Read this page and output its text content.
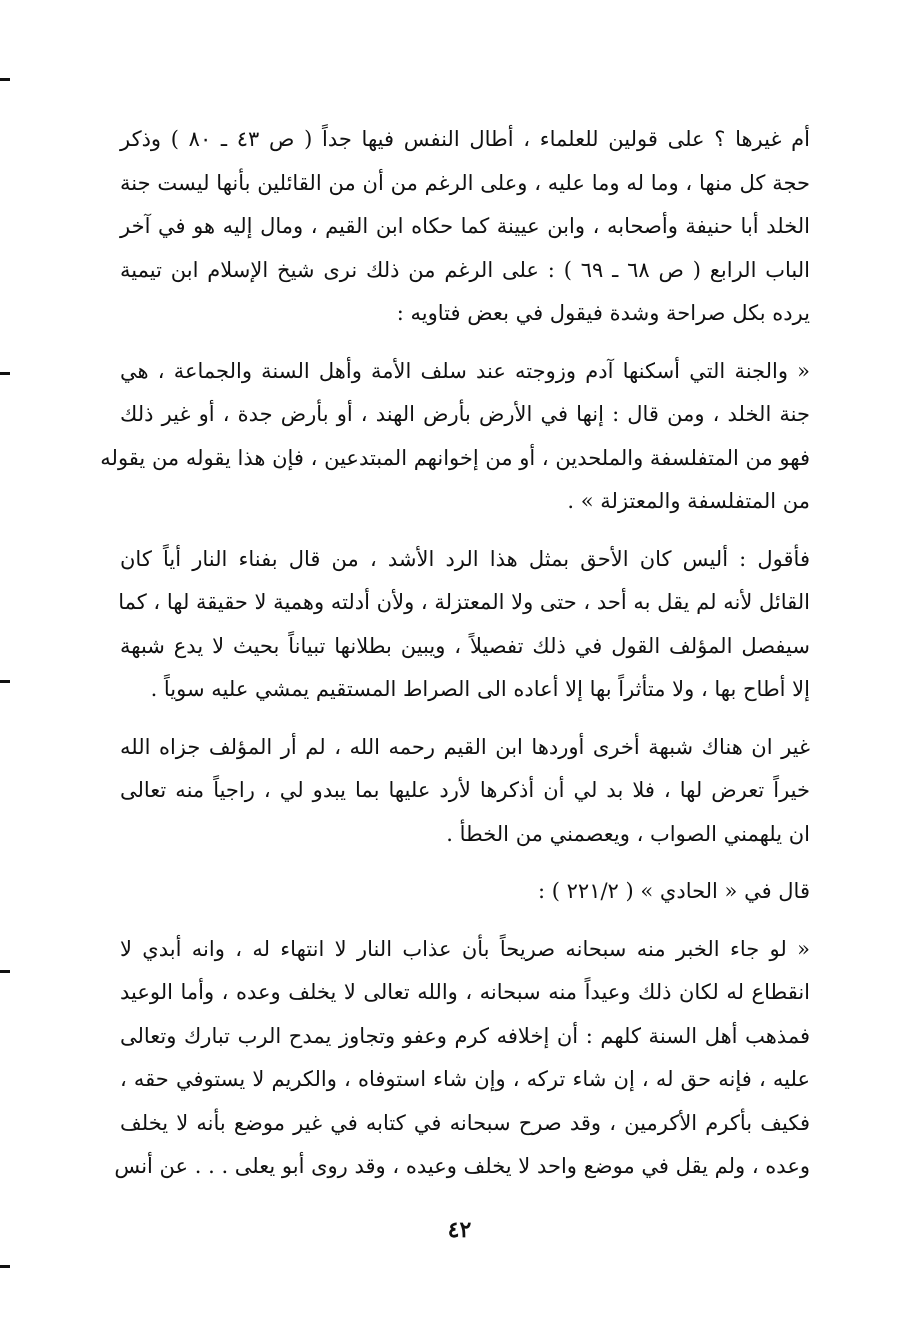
أم غيرها ؟ على قولين للعلماء ، أطال النفس فيها جداً ( ص ٤٣ ـ ٨٠ ) وذكر
حجة كل منها ، وما له وما عليه ، وعلى الرغم من أن من القائلين بأنها ليست جنة
الخلد أبا حنيفة وأصحابه ، وابن عيينة كما حكاه ابن القيم ، ومال إليه هو في آخر
الباب الرابع ( ص ٦٨ ـ ٦٩ ) : على الرغم من ذلك نرى شيخ الإسلام ابن تيمية
يرده بكل صراحة وشدة فيقول في بعض فتاويه :

« والجنة التي أسكنها آدم وزوجته عند سلف الأمة وأهل السنة والجماعة ، هي
جنة الخلد ، ومن قال : إنها في الأرض بأرض الهند ، أو بأرض جدة ، أو غير ذلك
فهو من المتفلسفة والملحدين ، أو من إخوانهم المبتدعين ، فإن هذا يقوله من يقوله
من المتفلسفة والمعتزلة » .

فأقول : أليس كان الأحق بمثل هذا الرد الأشد ، من قال بفناء النار أياً كان
القائل لأنه لم يقل به أحد ، حتى ولا المعتزلة ، ولأن أدلته وهمية لا حقيقة لها ، كما
سيفصل المؤلف القول في ذلك تفصيلاً ، ويبين بطلانها تبياناً بحيث لا يدع شبهة
إلا أطاح بها ، ولا متأثراً بها إلا أعاده الى الصراط المستقيم يمشي عليه سوياً .

غير ان هناك شبهة أخرى أوردها ابن القيم رحمه الله ، لم أر المؤلف جزاه الله
خيراً تعرض لها ، فلا بد لي أن أذكرها لأرد عليها بما يبدو لي ، راجياً منه تعالى
ان يلهمني الصواب ، ويعصمني من الخطأ .

قال في « الحادي » ( ٢٢١/٢ ) :

« لو جاء الخبر منه سبحانه صريحاً بأن عذاب النار لا انتهاء له ، وانه أبدي لا
انقطاع له لكان ذلك وعيداً منه سبحانه ، والله تعالى لا يخلف وعده ، وأما الوعيد
فمذهب أهل السنة كلهم : أن إخلافه كرم وعفو وتجاوز يمدح الرب تبارك وتعالى
عليه ، فإنه حق له ، إن شاء تركه ، وإن شاء استوفاه ، والكريم لا يستوفي حقه ،
فكيف بأكرم الأكرمين ، وقد صرح سبحانه في كتابه في غير موضع بأنه لا يخلف
وعده ، ولم يقل في موضع واحد لا يخلف وعيده ، وقد روى أبو يعلى . . . عن أنس

٤٢
